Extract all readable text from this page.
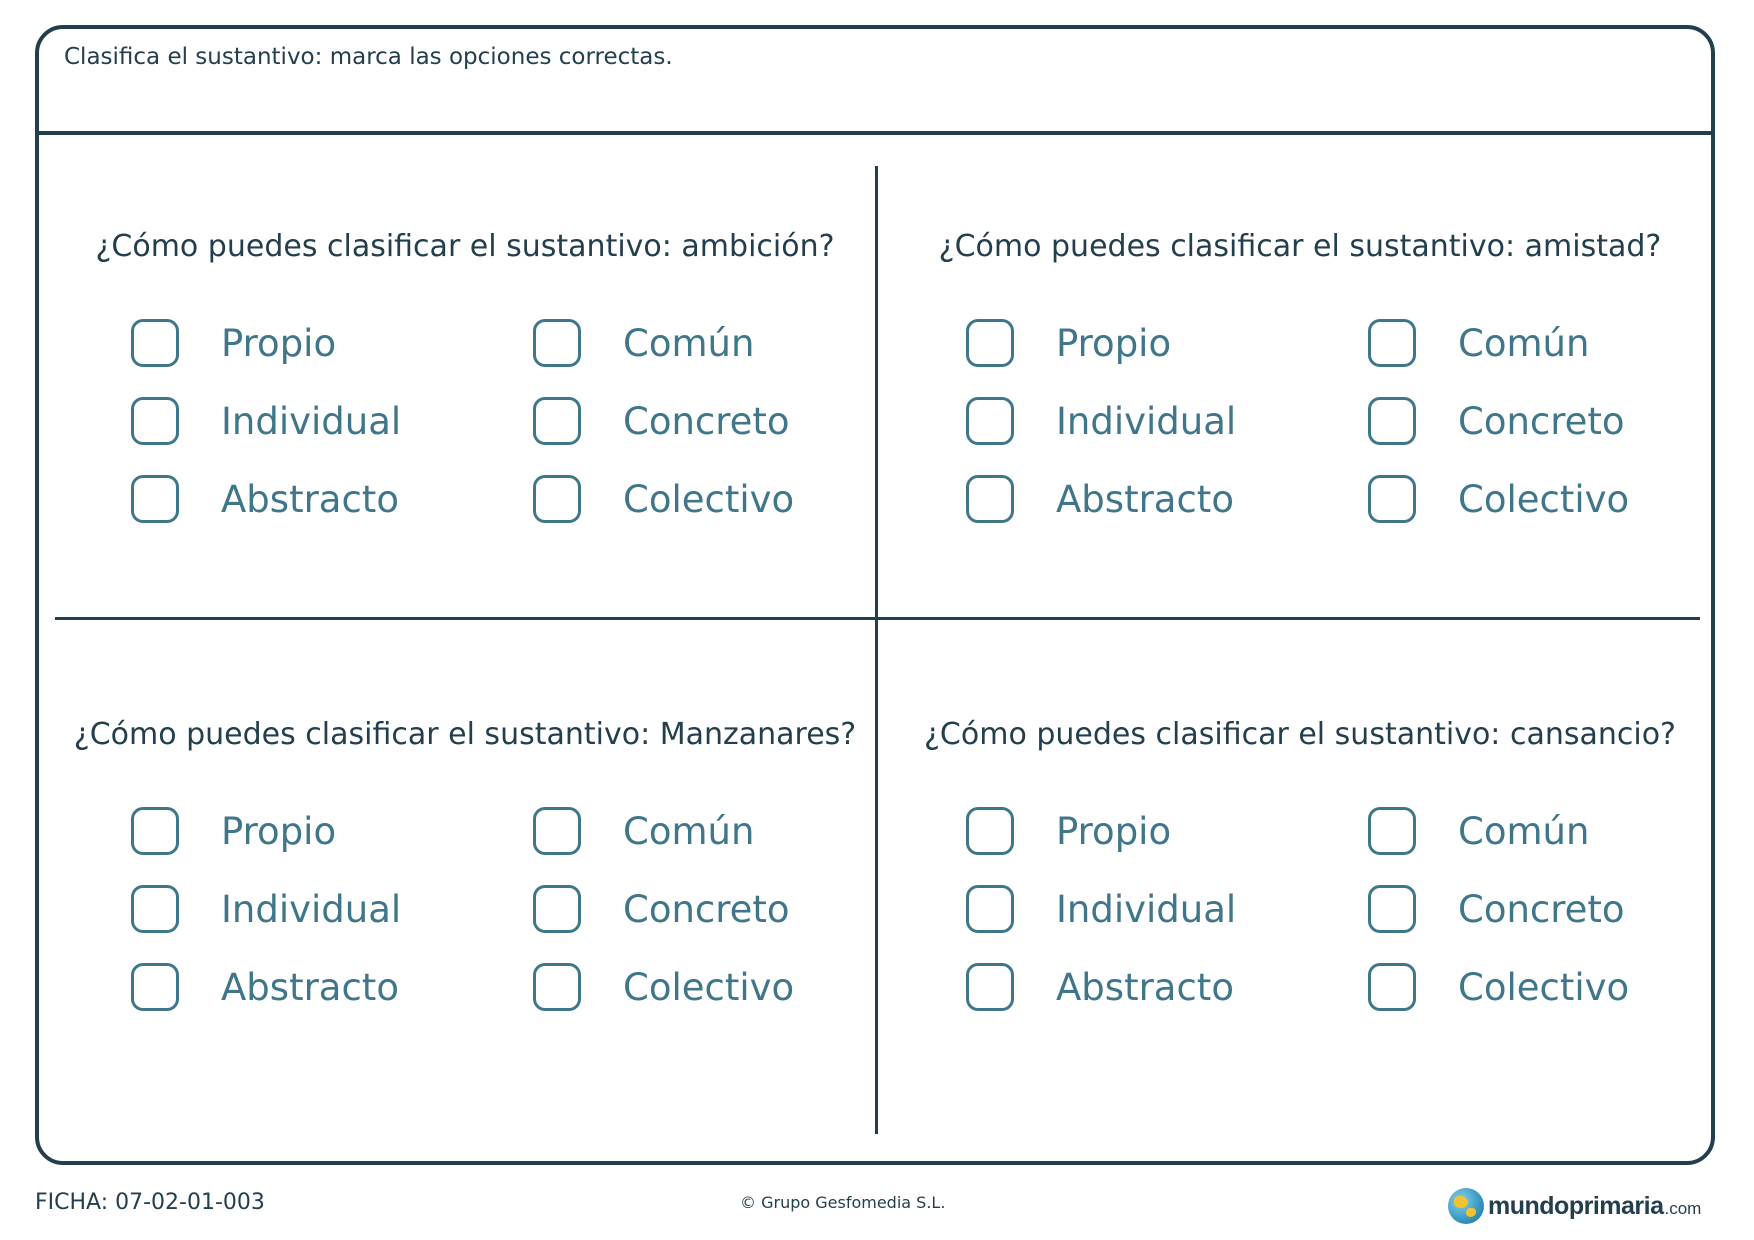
Clasifica el sustantivo: marca las opciones correctas.

¿Cómo puedes clasificar el sustantivo: ambición?
Propio	Común
Individual	Concreto
Abstracto	Colectivo
¿Cómo puedes clasificar el sustantivo: amistad?
Propio	Común
Individual	Concreto
Abstracto	Colectivo
¿Cómo puedes clasificar el sustantivo: Manzanares?
Propio	Común
Individual	Concreto
Abstracto	Colectivo
¿Cómo puedes clasificar el sustantivo: cansancio?
Propio	Común
Individual	Concreto
Abstracto	Colectivo
FICHA: 07-02-01-003	© Grupo Gesfomedia S.L.	mundoprimaria .com
